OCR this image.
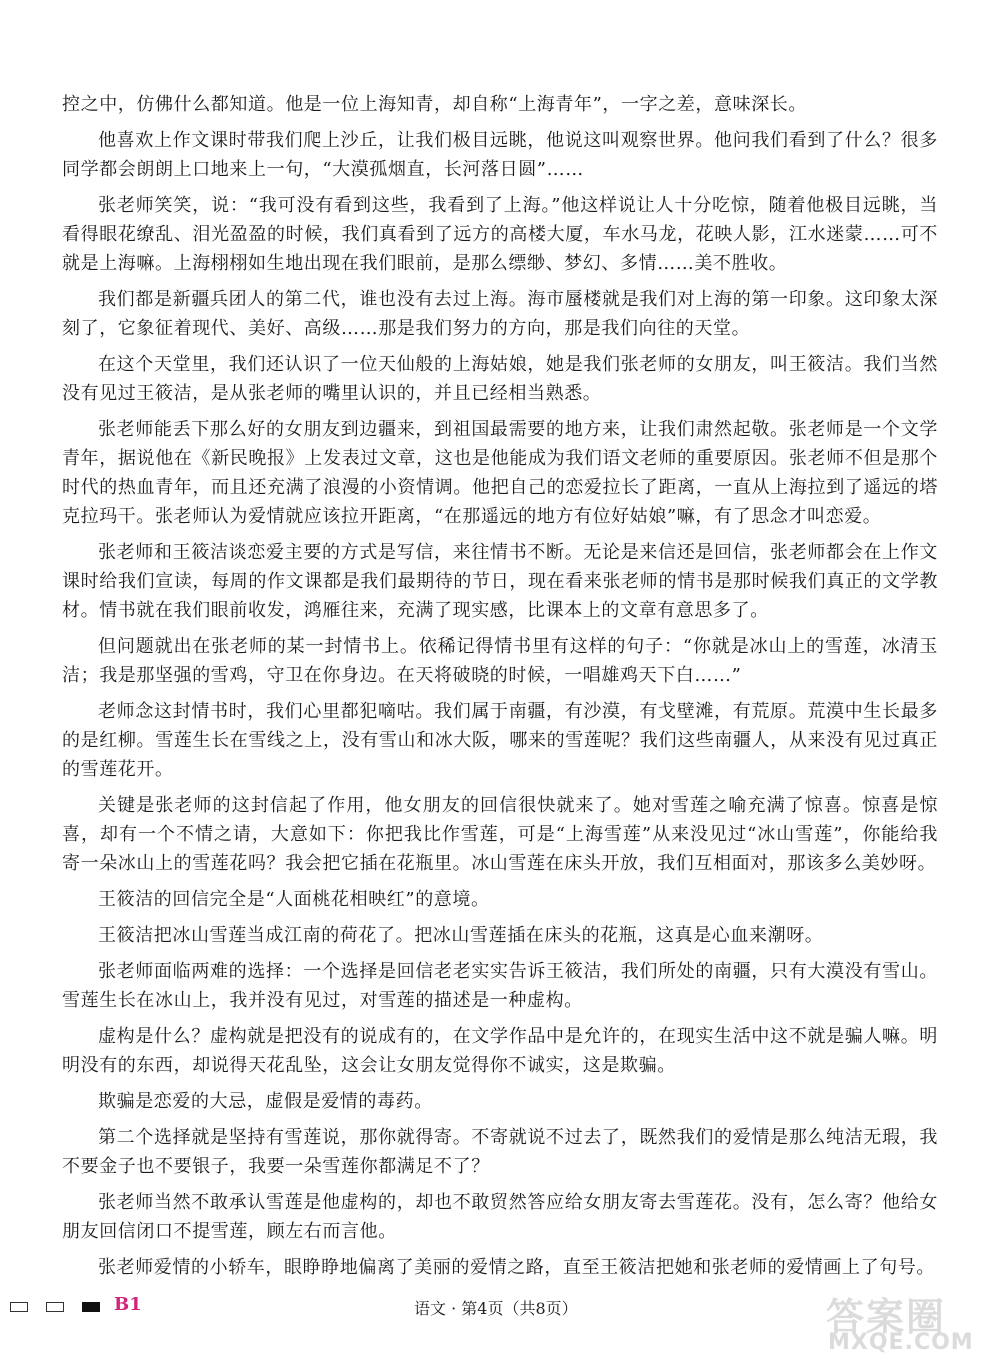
控之中，仿佛什么都知道。他是一位上海知青，却自称“上海青年”，一字之差，意味深长。

他喜欢上作文课时带我们爬上沙丘，让我们极目远眺，他说这叫观察世界。他问我们看到了什么？很多同学都会朗朗上口地来上一句，“大漠孤烟直，长河落日圆”……

张老师笑笑，说：“我可没有看到这些，我看到了上海。”他这样说让人十分吃惊，随着他极目远眺，当看得眼花缭乱、泪光盈盈的时候，我们真看到了远方的高楼大厦，车水马龙，花映人影，江水迷蒙……可不就是上海嘛。上海栩栩如生地出现在我们眼前，是那么缥缈、梦幻、多情……美不胜收。

我们都是新疆兵团人的第二代，谁也没有去过上海。海市蜃楼就是我们对上海的第一印象。这印象太深刻了，它象征着现代、美好、高级……那是我们努力的方向，那是我们向往的天堂。

在这个天堂里，我们还认识了一位天仙般的上海姑娘，她是我们张老师的女朋友，叫王筱洁。我们当然没有见过王筱洁，是从张老师的嘴里认识的，并且已经相当熟悉。

张老师能丢下那么好的女朋友到边疆来，到祖国最需要的地方来，让我们肃然起敬。张老师是一个文学青年，据说他在《新民晚报》上发表过文章，这也是他能成为我们语文老师的重要原因。张老师不但是那个时代的热血青年，而且还充满了浪漫的小资情调。他把自己的恋爱拉长了距离，一直从上海拉到了遥远的塔克拉玛干。张老师认为爱情就应该拉开距离，“在那遥远的地方有位好姑娘”嘛，有了思念才叫恋爱。

张老师和王筱洁谈恋爱主要的方式是写信，来往情书不断。无论是来信还是回信，张老师都会在上作文课时给我们宣读，每周的作文课都是我们最期待的节日，现在看来张老师的情书是那时候我们真正的文学教材。情书就在我们眼前收发，鸿雁往来，充满了现实感，比课本上的文章有意思多了。

但问题就出在张老师的某一封情书上。依稀记得情书里有这样的句子：“你就是冰山上的雪莲，冰清玉洁；我是那坚强的雪鸡，守卫在你身边。在天将破晓的时候，一唱雄鸡天下白……”

老师念这封情书时，我们心里都犯嘀咕。我们属于南疆，有沙漠，有戈壁滩，有荒原。荒漠中生长最多的是红柳。雪莲生长在雪线之上，没有雪山和冰大阪，哪来的雪莲呢？我们这些南疆人，从来没有见过真正的雪莲花开。

关键是张老师的这封信起了作用，他女朋友的回信很快就来了。她对雪莲之喻充满了惊喜。惊喜是惊喜，却有一个不情之请，大意如下：你把我比作雪莲，可是“上海雪莲”从来没见过“冰山雪莲”，你能给我寄一朵冰山上的雪莲花吗？我会把它插在花瓶里。冰山雪莲在床头开放，我们互相面对，那该多么美妙呀。

王筱洁的回信完全是“人面桃花相映红”的意境。

王筱洁把冰山雪莲当成江南的荷花了。把冰山雪莲插在床头的花瓶，这真是心血来潮呀。

张老师面临两难的选择：一个选择是回信老老实实告诉王筱洁，我们所处的南疆，只有大漠没有雪山。雪莲生长在冰山上，我并没有见过，对雪莲的描述是一种虚构。

虚构是什么？虚构就是把没有的说成有的，在文学作品中是允许的，在现实生活中这不就是骗人嘛。明明没有的东西，却说得天花乱坠，这会让女朋友觉得你不诚实，这是欺骗。

欺骗是恋爱的大忌，虚假是爱情的毒药。

第二个选择就是坚持有雪莲说，那你就得寄。不寄就说不过去了，既然我们的爱情是那么纯洁无瑕，我不要金子也不要银子，我要一朵雪莲你都满足不了？

张老师当然不敢承认雪莲是他虚构的，却也不敢贸然答应给女朋友寄去雪莲花。没有，怎么寄？他给女朋友回信闭口不提雪莲，顾左右而言他。

张老师爱情的小轿车，眼睁睁地偏离了美丽的爱情之路，直至王筱洁把她和张老师的爱情画上了句号。

B1	语文 · 第4页（共8页）	答案圈
MXQE.COM
